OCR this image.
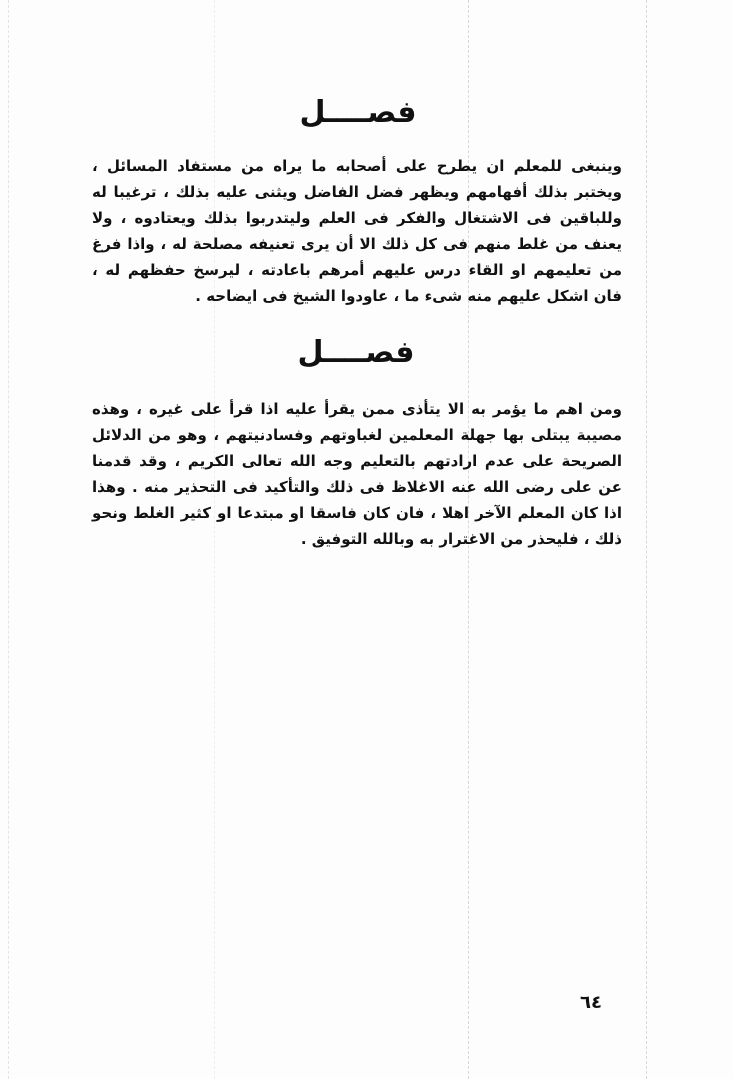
فصــــل
وينبغى للمعلم ان يطرح على أصحابه ما يراه من مستفاد المسائل ، ويختبر بذلك أفهامهم ويظهر فضل الفاضل ويثنى عليه بذلك ، ترغيبا له وللباقين فى الاشتغال والفكر فى العلم وليتدربوا بذلك ويعتادوه ، ولا يعنف من غلط منهم فى كل ذلك الا أن يرى تعنيفه مصلحة له ، واذا فرغ من تعليمهم او القاء درس عليهم أمرهم باعادته ، ليرسخ حفظهم له ، فان اشكل عليهم منه شىء ما ، عاودوا الشيخ فى ايضاحه .
فصــــل
ومن اهم ما يؤمر به الا يتأذى ممن يقرأ عليه اذا قرأ على غيره ، وهذه مصيبة يبتلى بها جهلة المعلمين لغباوتهم وفسادنيتهم ، وهو من الدلائل الصريحة على عدم ارادتهم بالتعليم وجه الله تعالى الكريم ، وقد قدمنا عن على رضى الله عنه الاغلاظ فى ذلك والتأكيد فى التحذير منه . وهذا اذا كان المعلم الآخر اهلا ، فان كان فاسقا او مبتدعا او كثير الغلط ونحو ذلك ، فليحذر من الاغترار به وبالله التوفيق .
٦٤
